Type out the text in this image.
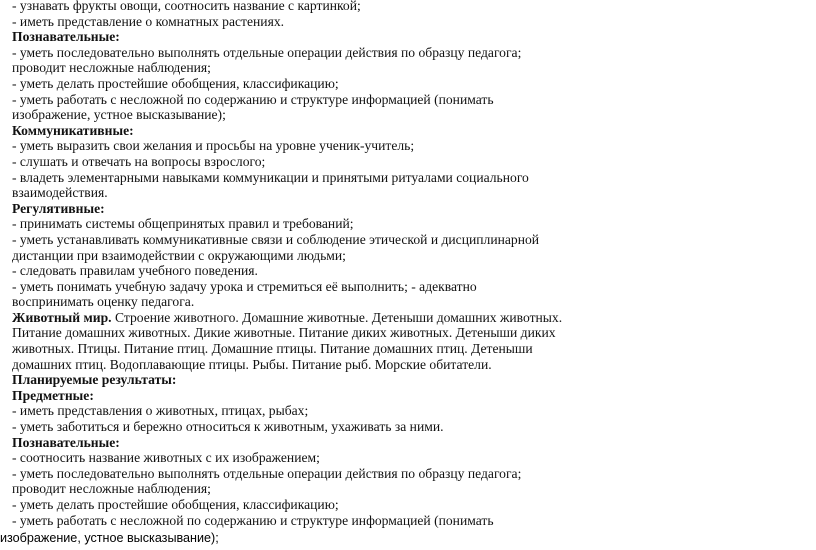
- узнавать фрукты овощи, соотносить название с картинкой;
- иметь представление о комнатных растениях.
Познавательные:
- уметь последовательно выполнять отдельные операции действия по образцу педагога;
проводит несложные наблюдения;
- уметь делать простейшие обобщения, классификацию;
- уметь работать с несложной по содержанию и структуре информацией (понимать
изображение, устное высказывание);
Коммуникативные:
- уметь выразить свои желания и просьбы на уровне ученик-учитель;
- слушать и отвечать на вопросы взрослого;
- владеть элементарными навыками коммуникации и принятыми ритуалами социального
взаимодействия.
Регулятивные:
- принимать системы общепринятых правил и требований;
- уметь устанавливать коммуникативные связи и соблюдение этической и дисциплинарной
дистанции при взаимодействии с окружающими людьми;
- следовать правилам учебного поведения.
- уметь понимать учебную задачу урока и стремиться её выполнить; - адекватно
воспринимать оценку педагога.
Животный мир. Строение животного. Домашние животные. Детеныши домашних животных.
Питание домашних животных. Дикие животные. Питание диких животных. Детеныши диких
животных. Птицы. Питание птиц. Домашние птицы. Питание домашних птиц. Детеныши
домашних птиц. Водоплавающие птицы. Рыбы. Питание рыб. Морские обитатели.
Планируемые результаты:
Предметные:
- иметь представления о животных, птицах, рыбах;
- уметь заботиться и бережно относиться к животным, ухаживать за ними.
Познавательные:
- соотносить название животных с их изображением;
- уметь последовательно выполнять отдельные операции действия по образцу педагога;
проводит несложные наблюдения;
- уметь делать простейшие обобщения, классификацию;
- уметь работать с несложной по содержанию и структуре информацией (понимать
изображение, устное высказывание);
